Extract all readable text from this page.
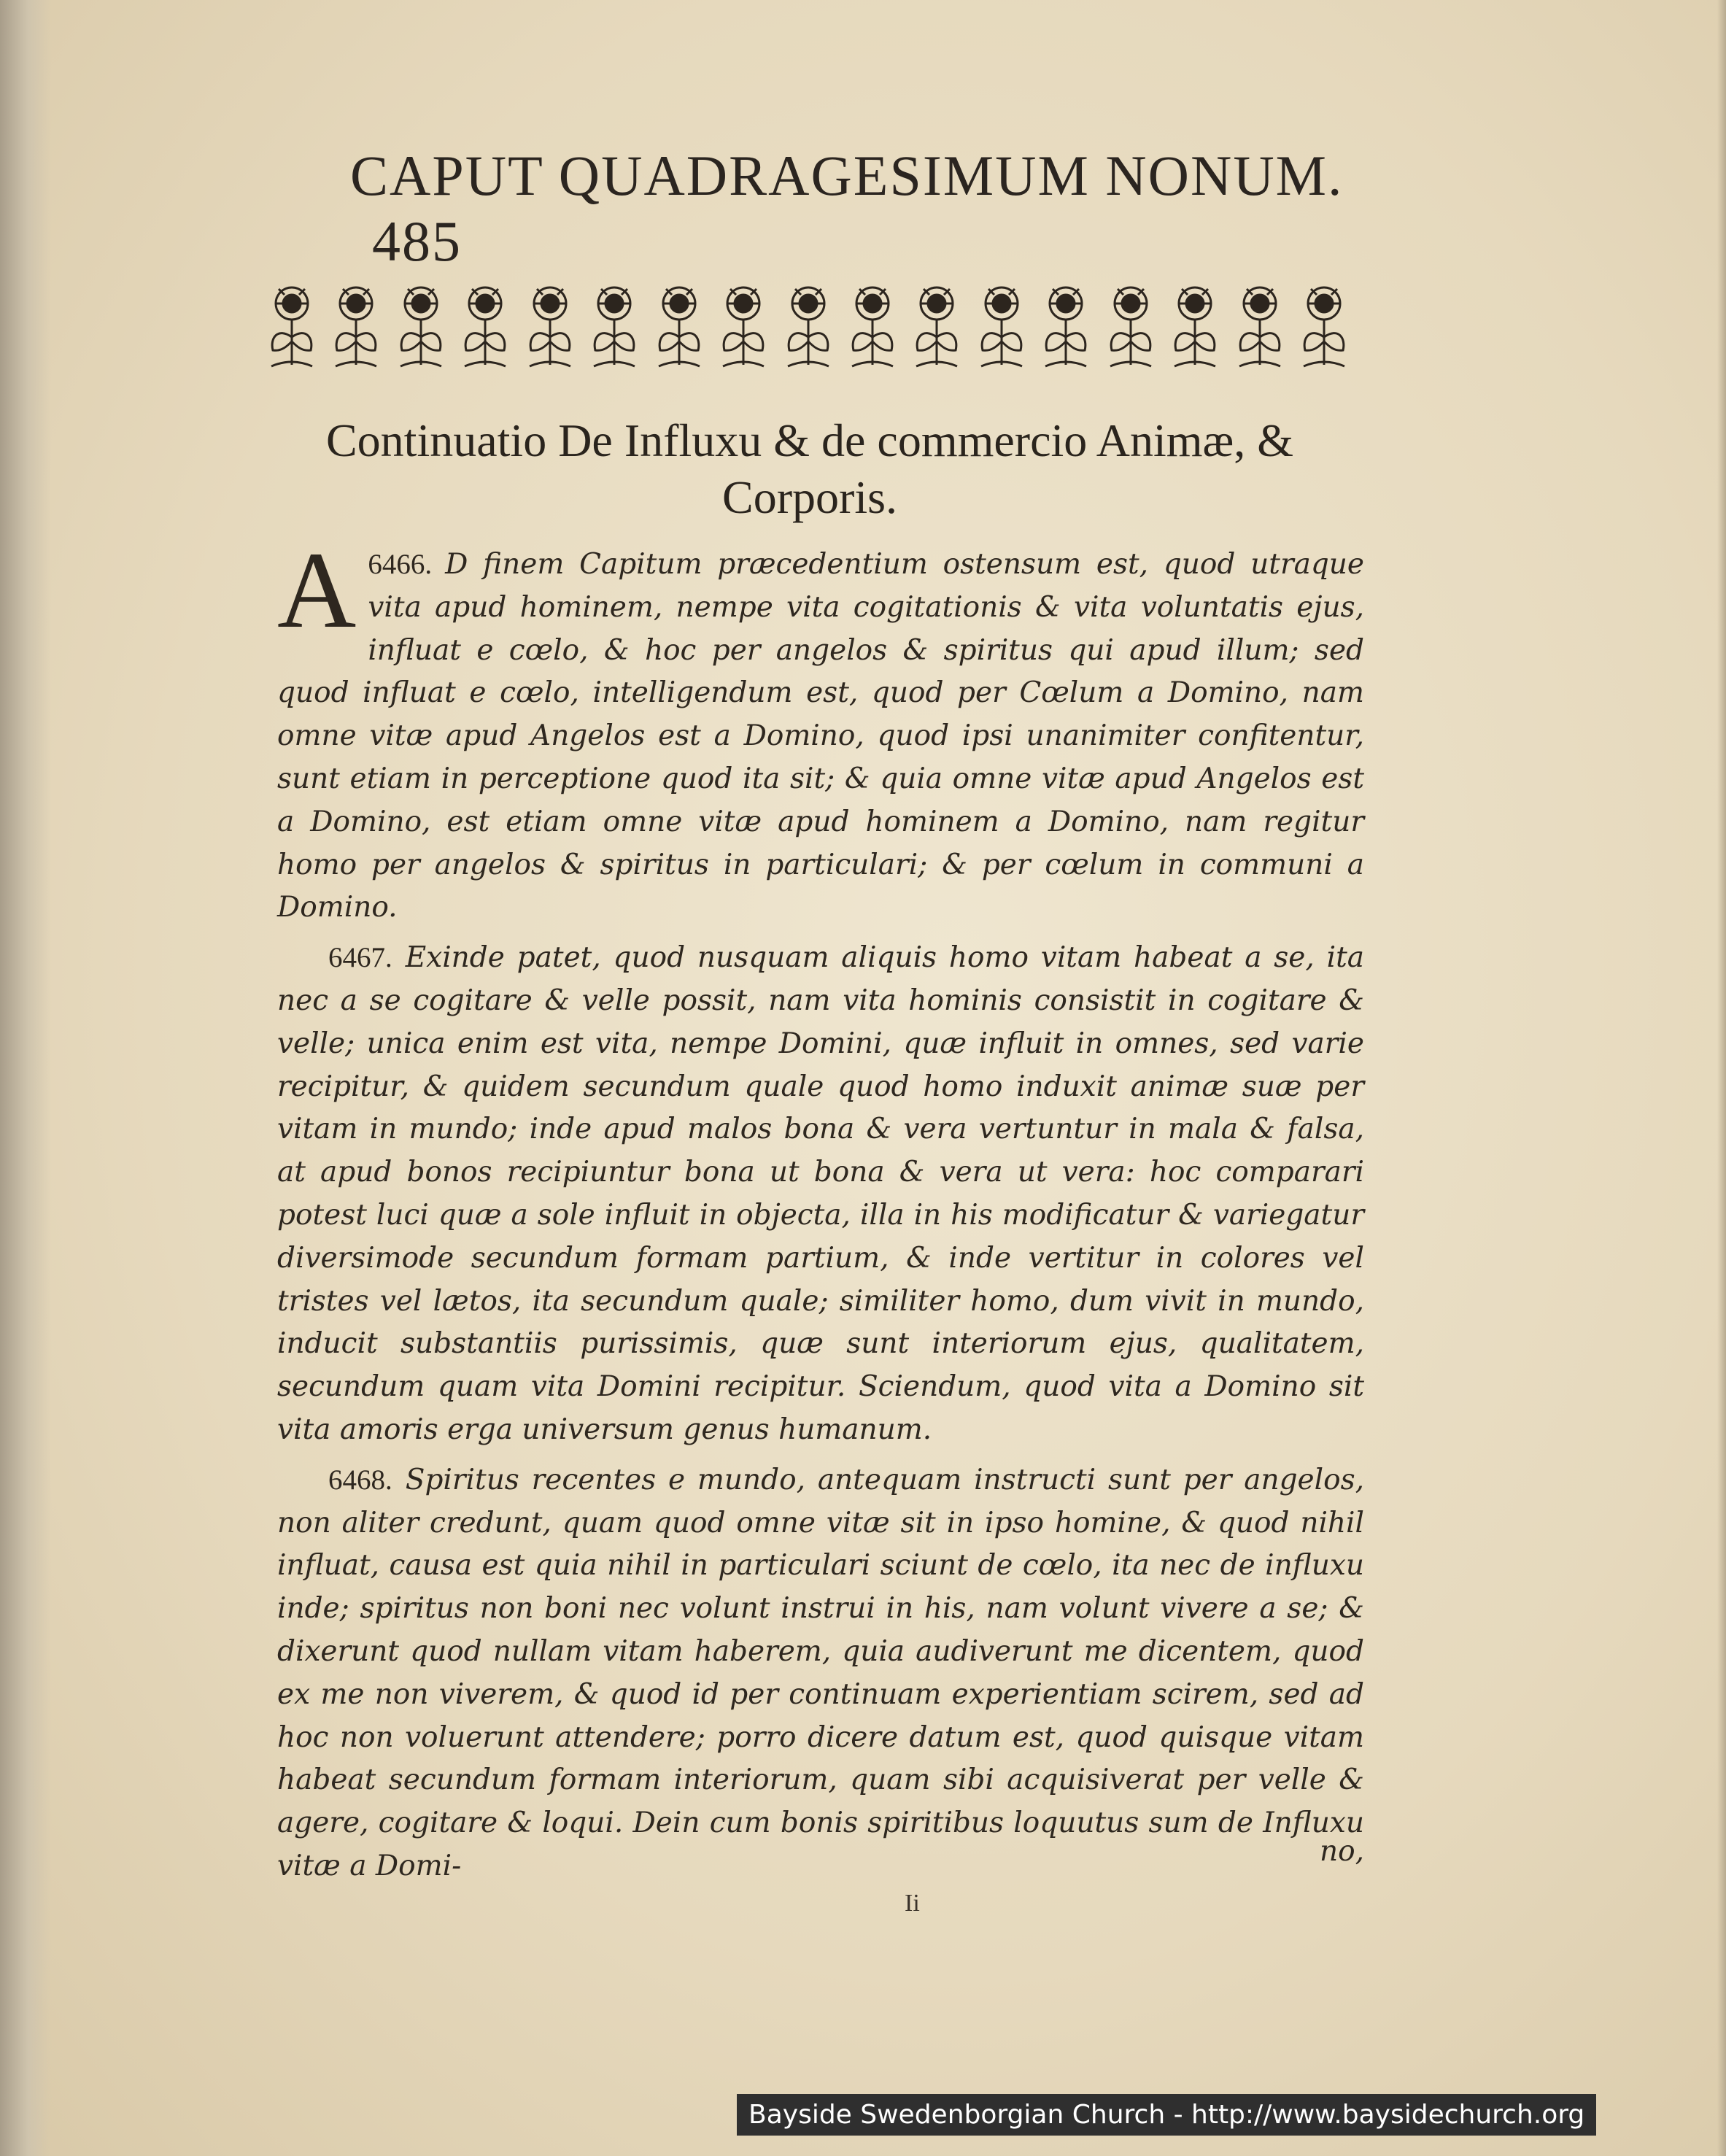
CAPUT QUADRAGESIMUM NONUM. 485
Continuatio De Influxu & de commercio Animæ, & Corporis.

6466.
A	D finem Capitum præcedentium ostensum est, quod utraque vita apud hominem, nempe vita cogitationis & vita voluntatis ejus, influat e cœlo, & hoc per angelos & spiritus qui apud illum; sed quod influat e cœlo, intelligendum est, quod per Cœlum a Domino, nam omne vitæ apud Angelos est a Domino, quod ipsi unanimiter confitentur, sunt etiam in perceptione quod ita sit; & quia omne vitæ apud Angelos est a Domino, est etiam omne vitæ apud hominem a Domino, nam regitur homo per angelos & spiritus in particulari; & per cœlum in communi a Domino.

6467. Exinde patet, quod nusquam aliquis homo vitam habeat a se, ita nec a se cogitare & velle possit, nam vita hominis consistit in cogitare & velle; unica enim est vita, nempe Domini, quæ influit in omnes, sed varie recipitur, & quidem secundum quale quod homo induxit animæ suæ per vitam in mundo; inde apud malos bona & vera vertuntur in mala & falsa, at apud bonos recipiuntur bona ut bona & vera ut vera: hoc comparari potest luci quæ a sole influit in objecta, illa in his modificatur & variegatur diversimode secundum formam partium, & inde vertitur in colores vel tristes vel lætos, ita secundum quale; similiter homo, dum vivit in mundo, inducit substantiis purissimis, quæ sunt interiorum ejus, qualitatem, secundum quam vita Domini recipitur. Sciendum, quod vita a Domino sit vita amoris erga universum genus humanum.

6468. Spiritus recentes e mundo, antequam instructi sunt per angelos, non aliter credunt, quam quod omne vitæ sit in ipso homine, & quod nihil influat, causa est quia nihil in particulari sciunt de cœlo, ita nec de influxu inde; spiritus non boni nec volunt instrui in his, nam volunt vivere a se; & dixerunt quod nullam vitam haberem, quia audiverunt me dicentem, quod ex me non viverem, & quod id per continuam experientiam scirem, sed ad hoc non voluerunt attendere; porro dicere datum est, quod quisque vitam habeat secundum formam interiorum, quam sibi acquisiverat per velle & agere, cogitare & loqui. Dein cum bonis spiritibus loquutus sum de Influxu vitæ a Domi-	no,
Ii
Bayside Swedenborgian Church - http://www.baysidechurch.org
